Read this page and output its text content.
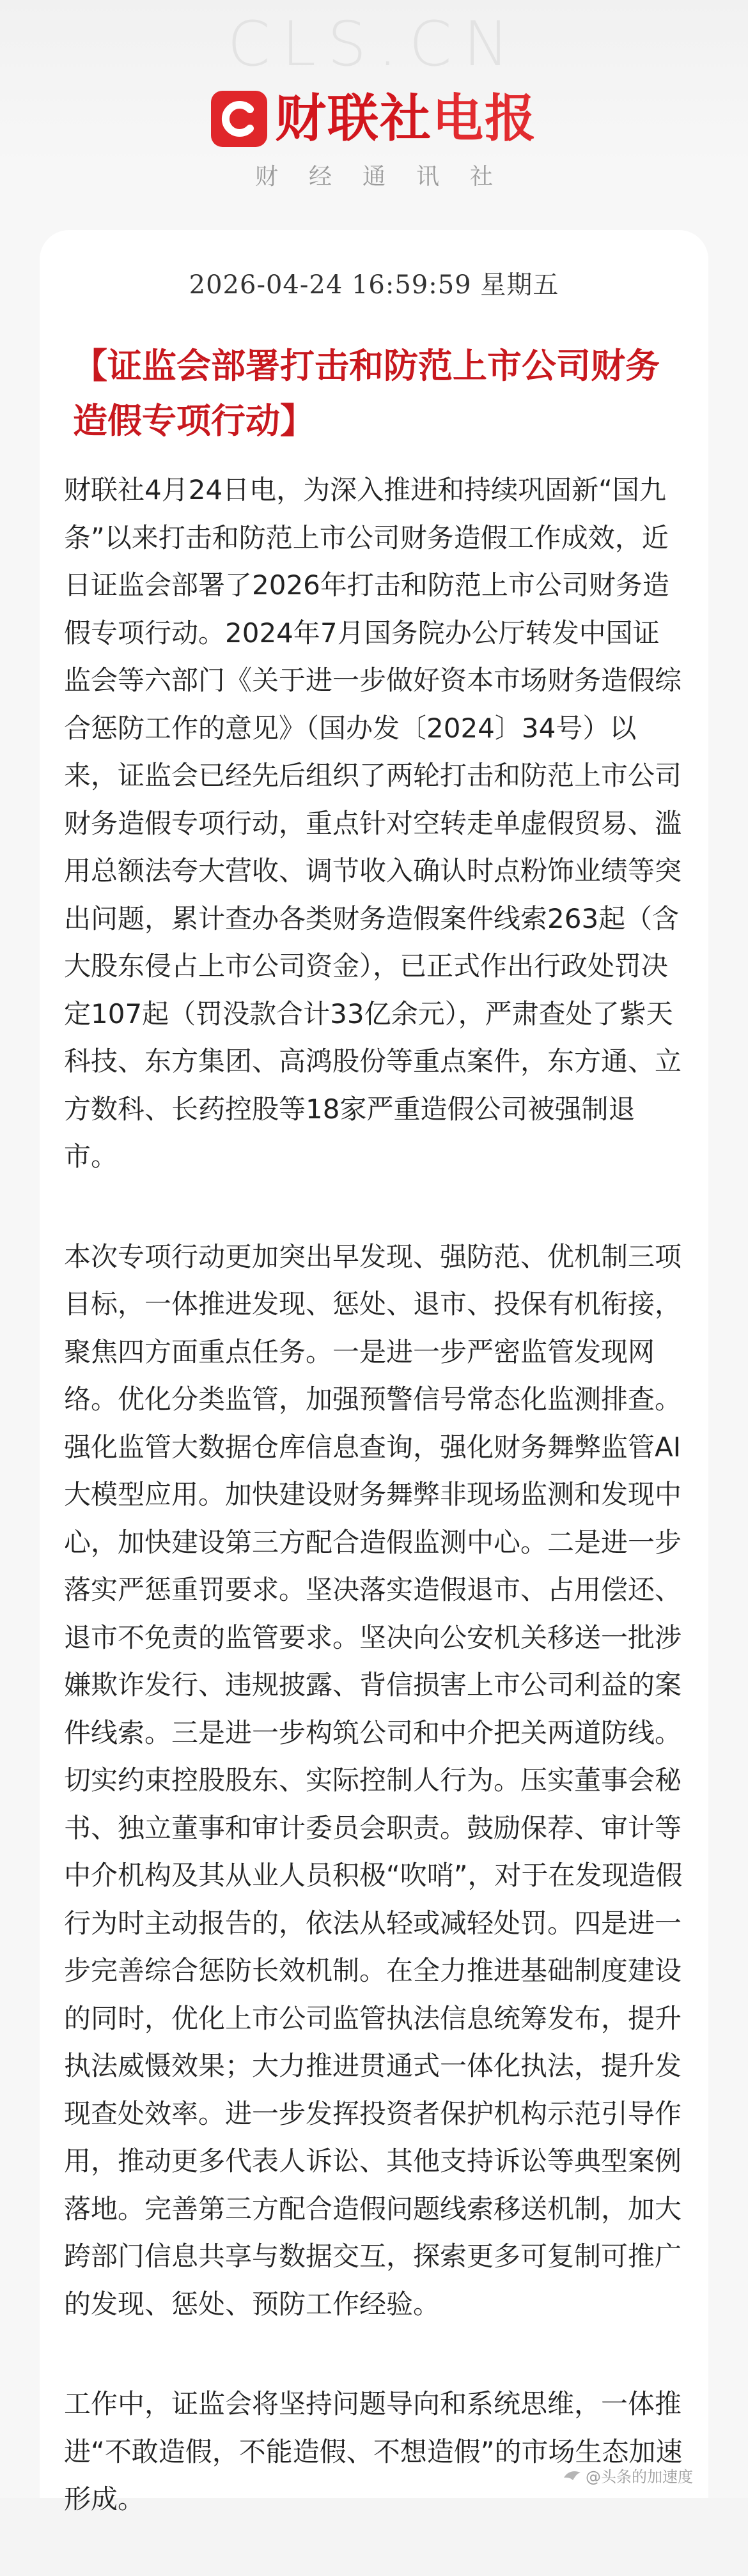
CLS.CN
财联社 电报
财经通讯社
2026-04-24 16:59:59 星期五
【证监会部署打击和防范上市公司财务造假专项行动】

财联社4月24日电，为深入推进和持续巩固新“国九条”以来打击和防范上市公司财务造假工作成效，近日证监会部署了2026年打击和防范上市公司财务造假专项行动。2024年7月国务院办公厅转发中国证监会等六部门《关于进一步做好资本市场财务造假综合惩防工作的意见》（国办发〔2024〕34号）以来，证监会已经先后组织了两轮打击和防范上市公司财务造假专项行动，重点针对空转走单虚假贸易、滥用总额法夸大营收、调节收入确认时点粉饰业绩等突出问题，累计查办各类财务造假案件线索263起（含大股东侵占上市公司资金），已正式作出行政处罚决定107起（罚没款合计33亿余元），严肃查处了紫天科技、东方集团、高鸿股份等重点案件，东方通、立方数科、长药控股等18家严重造假公司被强制退市。

本次专项行动更加突出早发现、强防范、优机制三项目标，一体推进发现、惩处、退市、投保有机衔接，聚焦四方面重点任务。一是进一步严密监管发现网络。优化分类监管，加强预警信号常态化监测排查。强化监管大数据仓库信息查询，强化财务舞弊监管AI大模型应用。加快建设财务舞弊非现场监测和发现中心，加快建设第三方配合造假监测中心。二是进一步落实严惩重罚要求。坚决落实造假退市、占用偿还、退市不免责的监管要求。坚决向公安机关移送一批涉嫌欺诈发行、违规披露、背信损害上市公司利益的案件线索。三是进一步构筑公司和中介把关两道防线。切实约束控股股东、实际控制人行为。压实董事会秘书、独立董事和审计委员会职责。鼓励保荐、审计等中介机构及其从业人员积极“吹哨”，对于在发现造假行为时主动报告的，依法从轻或减轻处罚。四是进一步完善综合惩防长效机制。在全力推进基础制度建设的同时，优化上市公司监管执法信息统筹发布，提升执法威慑效果；大力推进贯通式一体化执法，提升发现查处效率。进一步发挥投资者保护机构示范引导作用，推动更多代表人诉讼、其他支持诉讼等典型案例落地。完善第三方配合造假问题线索移送机制，加大跨部门信息共享与数据交互，探索更多可复制可推广的发现、惩处、预防工作经验。

工作中，证监会将坚持问题导向和系统思维，一体推进“不敢造假，不能造假、不想造假”的市场生态加速形成。

@头条的加速度
